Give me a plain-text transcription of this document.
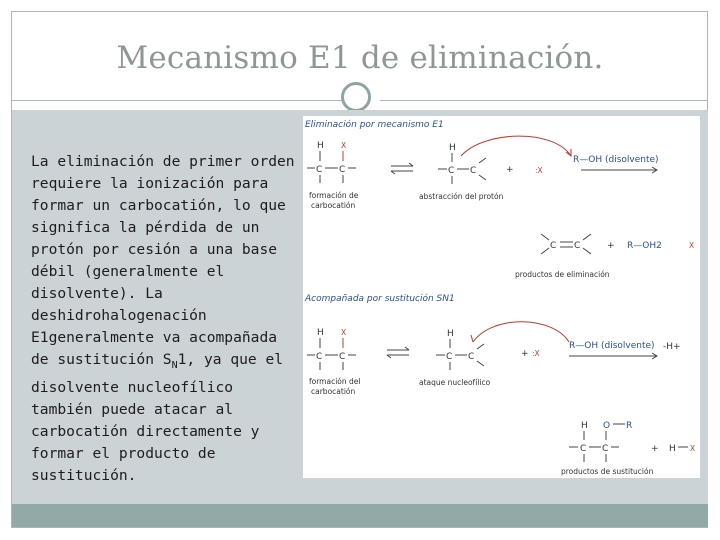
Mecanismo E1 de eliminación.
La eliminación de primer orden requiere la ionización para formar un carbocatión, lo que significa la pérdida de un protón por cesión a una base débil (generalmente el disolvente). La deshidrohalogenación E1generalmente va acompañada de sustitución $S_N1$, ya que el disolvente nucleofílico también puede atacar al carbocatión directamente y formar el producto de sustitución.
Eliminación por mecanismo E1
H X
C C
formación de
carbocatión
H
C C
abstracción del protón
+	:X
R—OH (disolvente)
C C	+ R—OH2	X
productos de eliminación
Acompañada por sustitución SN1
H X
C C
formación del
carbocatión
H
C C
ataque nucleofílico
+ :X
R—OH (disolvente) -H+
H O R
C C	+ H X
productos de sustitución
